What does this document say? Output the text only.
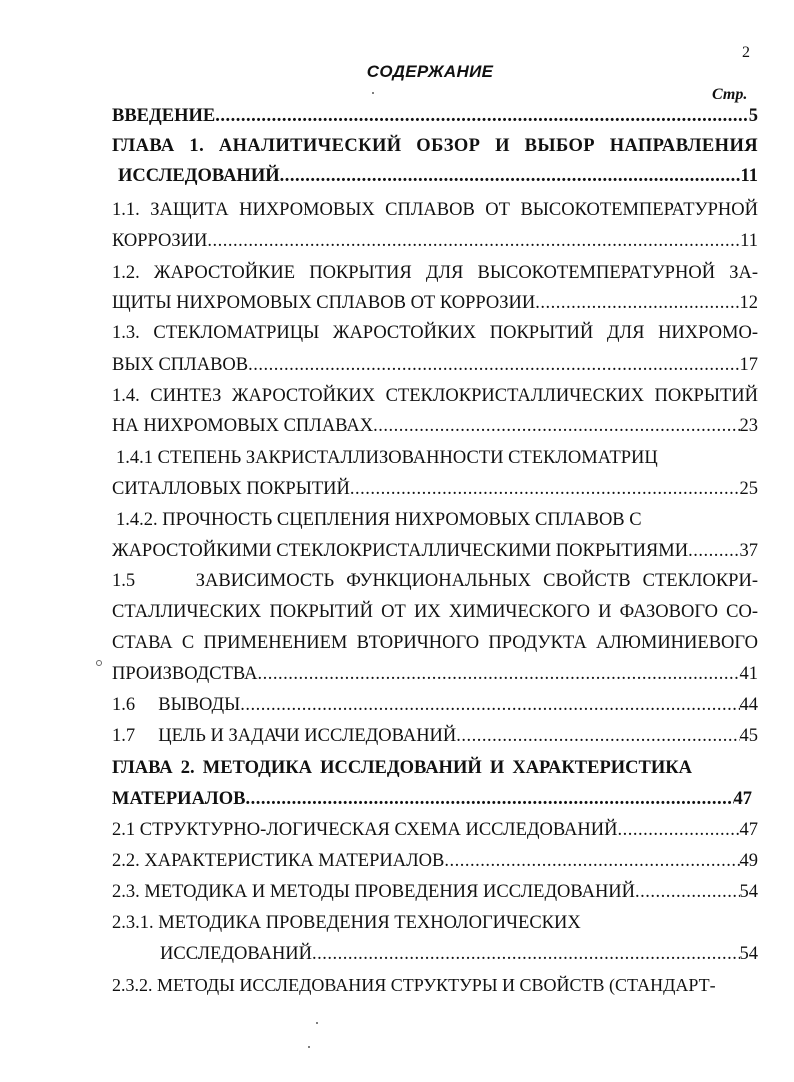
2
СОДЕРЖАНИЕ
Стр.
ВВЕДЕНИЕ .....	5
ГЛАВА 1. АНАЛИТИЧЕСКИЙ ОБЗОР И ВЫБОР НАПРАВЛЕНИЯ
ИССЛЕДОВАНИЙ .....	11
1.1. ЗАЩИТА НИХРОМОВЫХ СПЛАВОВ ОТ ВЫСОКОТЕМПЕРАТУРНОЙ
КОРРОЗИИ .....	11
1.2. ЖАРОСТОЙКИЕ ПОКРЫТИЯ ДЛЯ ВЫСОКОТЕМПЕРАТУРНОЙ ЗА-
ЩИТЫ НИХРОМОВЫХ СПЛАВОВ ОТ КОРРОЗИИ .....	12
1.3. СТЕКЛОМАТРИЦЫ ЖАРОСТОЙКИХ ПОКРЫТИЙ ДЛЯ НИХРОМО-
ВЫХ СПЛАВОВ .....	17
1.4. СИНТЕЗ ЖАРОСТОЙКИХ СТЕКЛОКРИСТАЛЛИЧЕСКИХ ПОКРЫТИЙ
НА НИХРОМОВЫХ СПЛАВАХ .....	23
1.4.1 СТЕПЕНЬ ЗАКРИСТАЛЛИЗОВАННОСТИ СТЕКЛОМАТРИЦ
СИТАЛЛОВЫХ ПОКРЫТИЙ .....	25
1.4.2. ПРОЧНОСТЬ СЦЕПЛЕНИЯ НИХРОМОВЫХ СПЛАВОВ С
ЖАРОСТОЙКИМИ СТЕКЛОКРИСТАЛЛИЧЕСКИМИ ПОКРЫТИЯМИ .....	37
1.5     ЗАВИСИМОСТЬ ФУНКЦИОНАЛЬНЫХ СВОЙСТВ СТЕКЛОКРИ-
СТАЛЛИЧЕСКИХ ПОКРЫТИЙ ОТ ИХ ХИМИЧЕСКОГО И ФАЗОВОГО СО-
СТАВА С ПРИМЕНЕНИЕМ ВТОРИЧНОГО ПРОДУКТА АЛЮМИНИЕВОГО
ПРОИЗВОДСТВА .....	41
1.6     ВЫВОДЫ .....	44
1.7     ЦЕЛЬ И ЗАДАЧИ ИССЛЕДОВАНИЙ .....	45
ГЛАВА 2. МЕТОДИКА ИССЛЕДОВАНИЙ И ХАРАКТЕРИСТИКА
МАТЕРИАЛОВ .....	47
2.1 СТРУКТУРНО-ЛОГИЧЕСКАЯ СХЕМА ИССЛЕДОВАНИЙ .....	47
2.2. ХАРАКТЕРИСТИКА МАТЕРИАЛОВ .....	49
2.3. МЕТОДИКА И МЕТОДЫ ПРОВЕДЕНИЯ ИССЛЕДОВАНИЙ .....	54
2.3.1. МЕТОДИКА ПРОВЕДЕНИЯ ТЕХНОЛОГИЧЕСКИХ
ИССЛЕДОВАНИЙ .....	54
2.3.2. МЕТОДЫ ИССЛЕДОВАНИЯ СТРУКТУРЫ И СВОЙСТВ (СТАНДАРТ-
